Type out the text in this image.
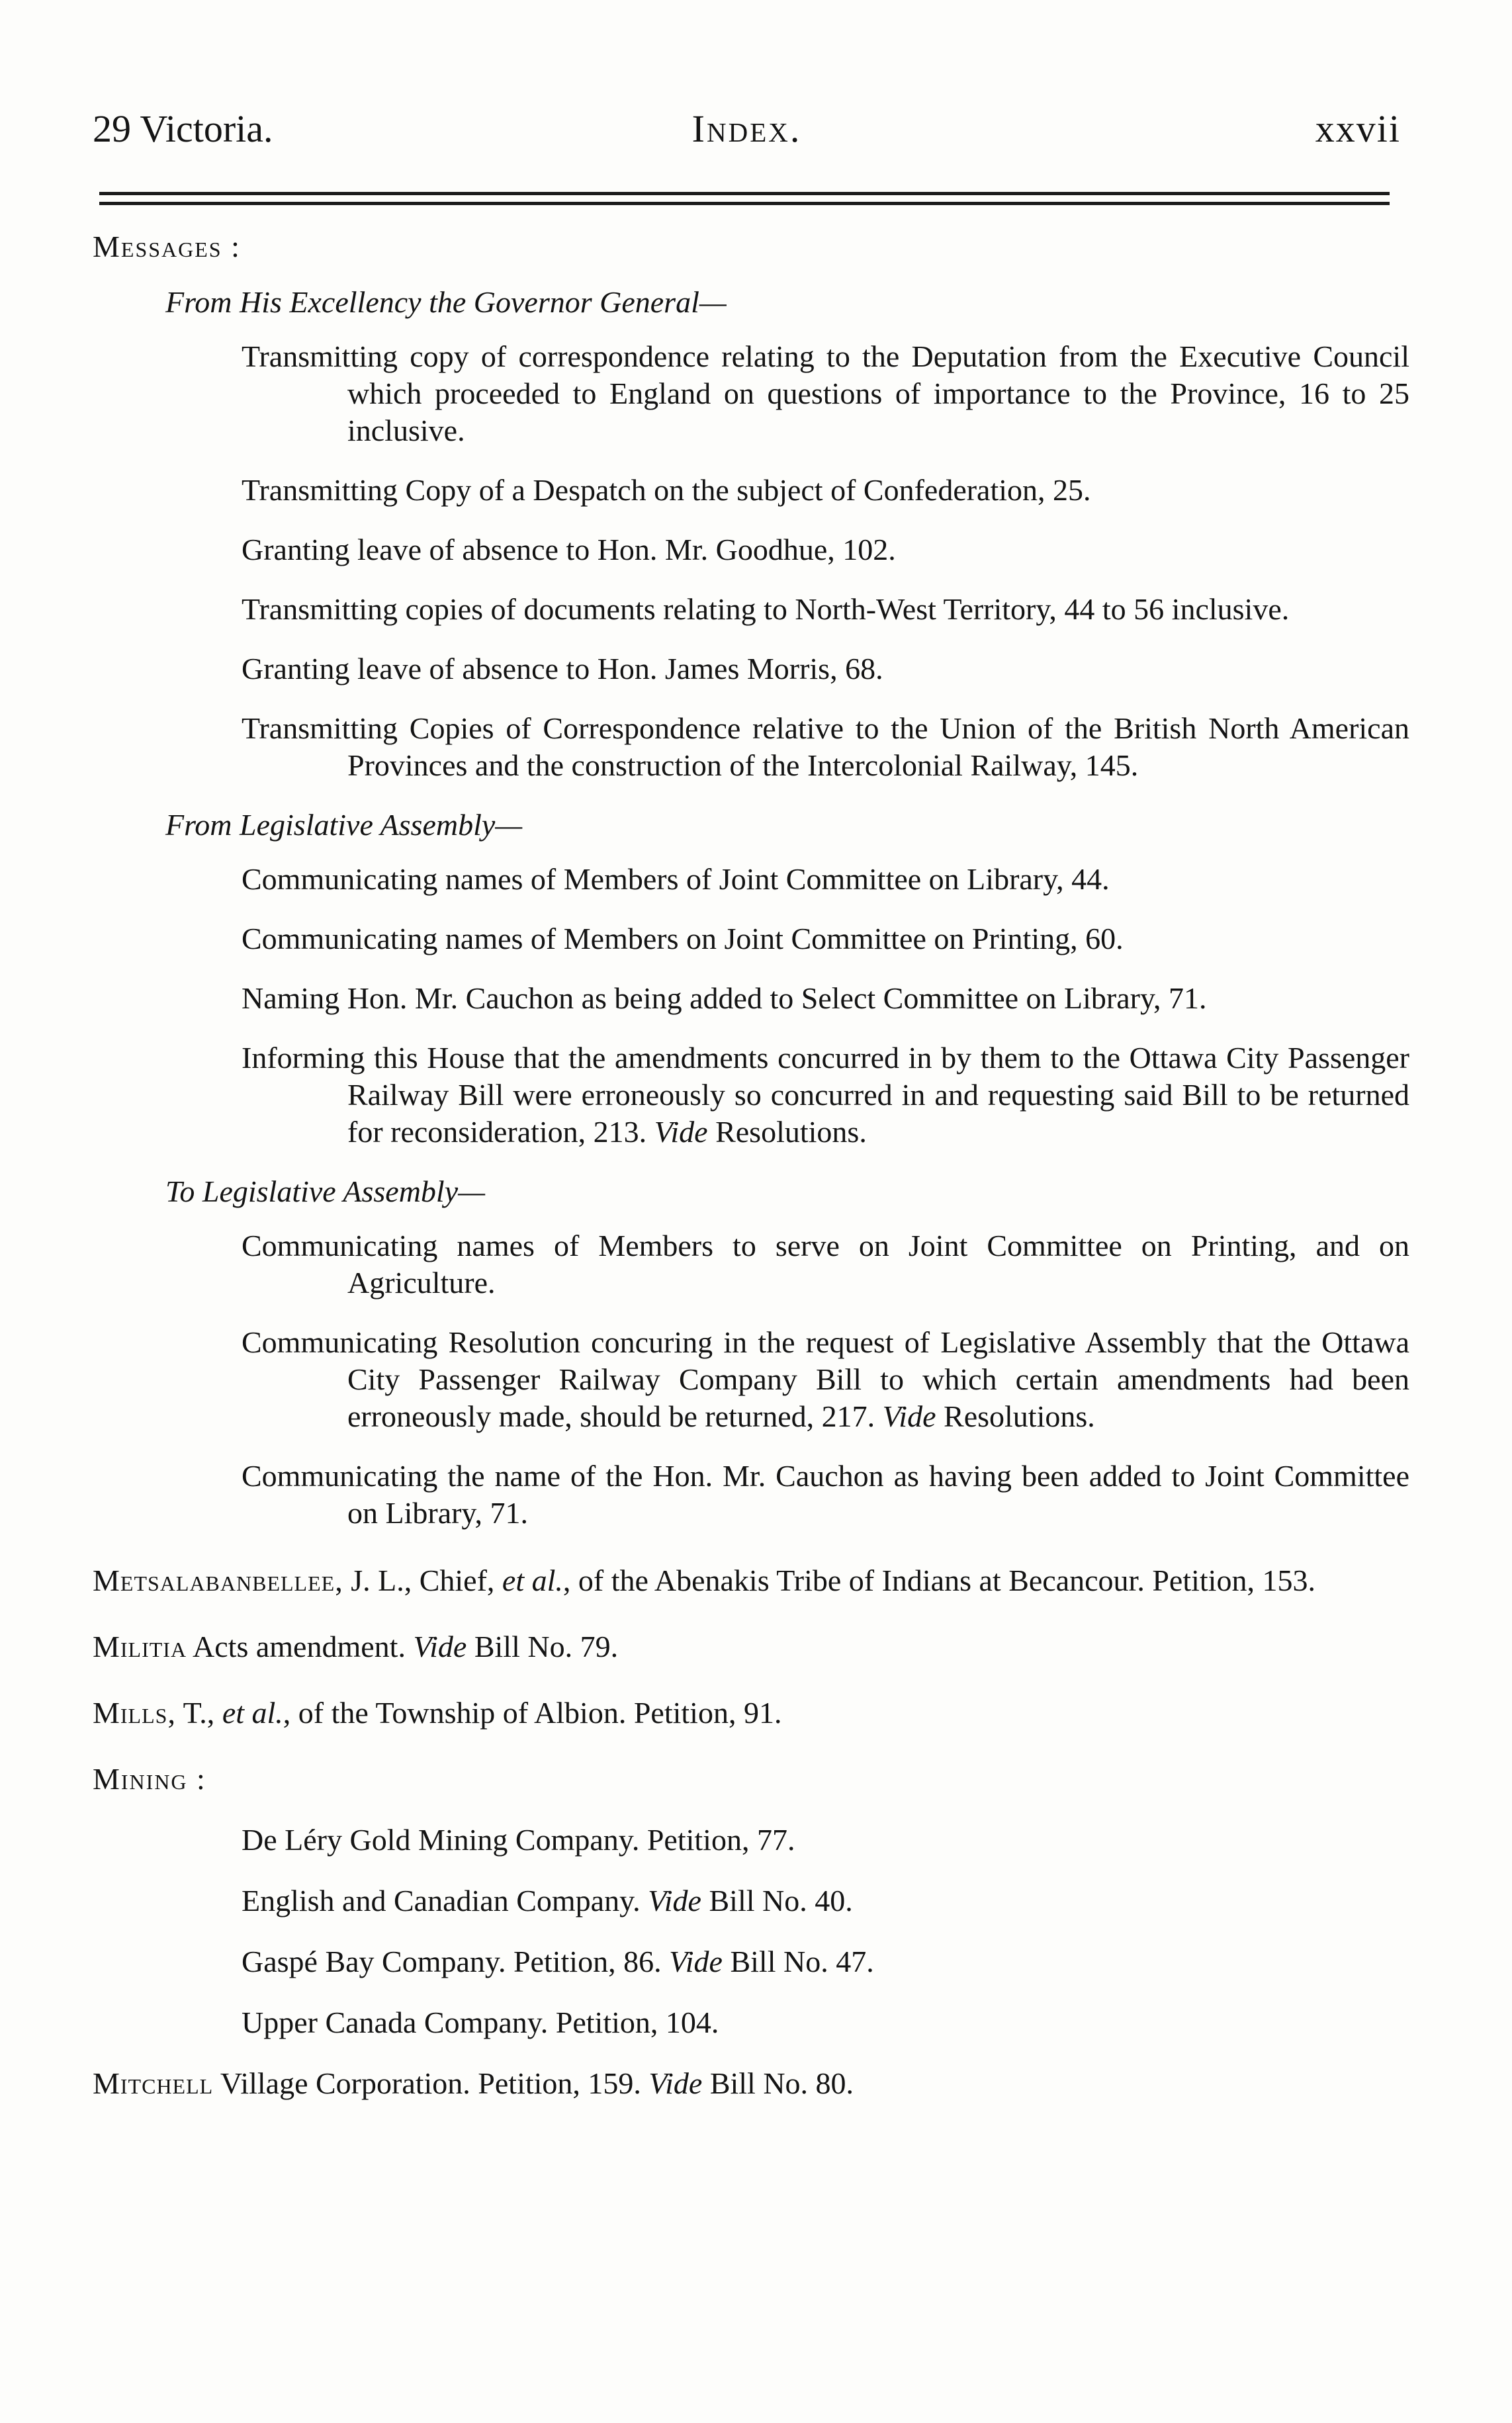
29 Victoria.	Index.	xxvii
Messages :
From His Excellency the Governor General—
Transmitting copy of correspondence relating to the Deputation from the Executive Council which proceeded to England on questions of importance to the Province, 16 to 25 inclusive.
Transmitting Copy of a Despatch on the subject of Confederation, 25.
Granting leave of absence to Hon. Mr. Goodhue, 102.
Transmitting copies of documents relating to North-West Territory, 44 to 56 inclusive.
Granting leave of absence to Hon. James Morris, 68.
Transmitting Copies of Correspondence relative to the Union of the British North American Provinces and the construction of the Intercolonial Railway, 145.
From Legislative Assembly—
Communicating names of Members of Joint Committee on Library, 44.
Communicating names of Members on Joint Committee on Printing, 60.
Naming Hon. Mr. Cauchon as being added to Select Committee on Library, 71.
Informing this House that the amendments concurred in by them to the Ottawa City Passenger Railway Bill were erroneously so concurred in and requesting said Bill to be returned for reconsideration, 213. Vide Resolutions.
To Legislative Assembly—
Communicating names of Members to serve on Joint Committee on Printing, and on Agriculture.
Communicating Resolution concuring in the request of Legislative Assembly that the Ottawa City Passenger Railway Company Bill to which certain amendments had been erroneously made, should be returned, 217. Vide Resolutions.
Communicating the name of the Hon. Mr. Cauchon as having been added to Joint Committee on Library, 71.
Metsalabanbellee, J. L., Chief, et al., of the Abenakis Tribe of Indians at Becancour. Petition, 153.
Militia Acts amendment. Vide Bill No. 79.
Mills, T., et al., of the Township of Albion. Petition, 91.
Mining :
De Léry Gold Mining Company. Petition, 77.
English and Canadian Company. Vide Bill No. 40.
Gaspé Bay Company. Petition, 86. Vide Bill No. 47.
Upper Canada Company. Petition, 104.
Mitchell Village Corporation. Petition, 159. Vide Bill No. 80.
